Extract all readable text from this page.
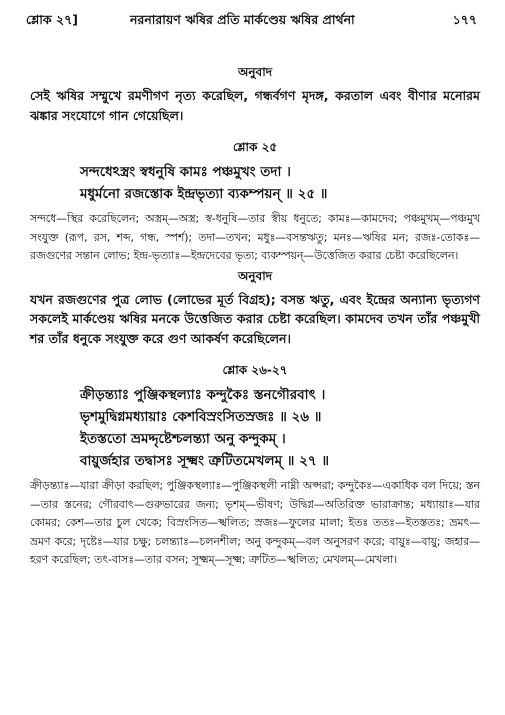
শ্লোক ২৭]	নরনারায়ণ ঋষির প্রতি মার্কণ্ডেয় ঋষির প্রার্থনা	১৭৭
অনুবাদ
সেই ঋষির সম্মুখে রমণীগণ নৃত্য করেছিল, গন্ধর্বগণ মৃদঙ্গ, করতাল এবং বীণার মনোরম ঝঙ্কার সংযোগে গান গেয়েছিল।
শ্লোক ২৫
সন্দধেঽস্ত্রং স্বধনুষি কামঃ পঞ্চমুখং তদা ।
মধুর্মনো রজস্তোক ইন্দ্রভৃত্যা ব্যকম্পয়ন্ ॥ ২৫ ॥
সন্দধে—স্থির করেছিলেন; অস্ত্রম্—অস্ত্র; স্ব-ধনুষি—তার স্বীয় ধনুতে; কামঃ—কামদেব; পঞ্চমুখম্—পঞ্চমুখ সংযুক্ত (রূপ, রস, শব্দ, গন্ধ, স্পর্শ); তদা—তখন; মধুঃ—বসন্তঋতু; মনঃ—ঋষির মন; রজঃ-তোকঃ—রজগুণের সন্তান লোভ; ইন্দ্র-ভৃত্যাঃ—ইন্দ্রদেবের ভৃত্য; ব্যকম্পয়ন্—উত্তেজিত করার চেষ্টা করেছিলেন।
অনুবাদ
যখন রজগুণের পুত্র লোভ (লোভের মূর্ত বিগ্রহ); বসন্ত ঋতু, এবং ইন্দ্রের অন্যান্য ভৃত্যগণ সকলেই মার্কণ্ডেয় ঋষির মনকে উত্তেজিত করার চেষ্টা করেছিল। কামদেব তখন তাঁর পঞ্চমুখী শর তাঁর ধনুকে সংযুক্ত করে গুণ আকর্ষণ করেছিলেন।
শ্লোক ২৬-২৭
ক্রীড়ন্ত্যাঃ পুঞ্জিকস্থল্যাঃ কন্দুকৈঃ স্তনগৌরবাৎ ।
ভৃশমুদ্বিগ্নমধ্যায়াঃ কেশবিস্রংসিতস্রজঃ ॥ ২৬ ॥
ইতস্ততো ভ্রমদ্দৃষ্টেশ্চলন্ত্যা অনু কন্দুকম্ ।
বায়ুর্জহার তদ্বাসঃ সূক্ষ্মং ত্রুটিতমেখলম্ ॥ ২৭ ॥
ক্রীড়ন্ত্যাঃ—যারা ক্রীড়া করছিল; পুঞ্জিকস্থল্যাঃ—পুঞ্জিকস্থলী নাম্নী অপ্সরা; কন্দুকৈঃ—একাধিক বল দিয়ে; স্তন—তার স্তনের; গৌরবাৎ—গুরুভারের জন্য; ভৃশম্—ভীষণ; উদ্বিগ্ন—অতিরিক্ত ভারাক্রান্ত; মধ্যায়াঃ—যার কোমর; কেশ—তার চুল থেকে; বিস্রংসিত—স্খলিত; স্রজঃ—ফুলের মালা; ইতঃ ততঃ—ইতস্ততঃ; ভ্রমৎ—ভ্রমণ করে; দৃষ্টেঃ—যার চক্ষু; চলন্ত্যাঃ—চলনশীল; অনু কন্দুকম্—বল অনুসরণ করে; বায়ুঃ—বায়ু; জহার—হরণ করেছিল; তৎ-বাসঃ—তার বসন; সূক্ষ্মম্—সূক্ষ্ম; ত্রুটিত—স্খলিত; মেখলম্—মেখলা।
